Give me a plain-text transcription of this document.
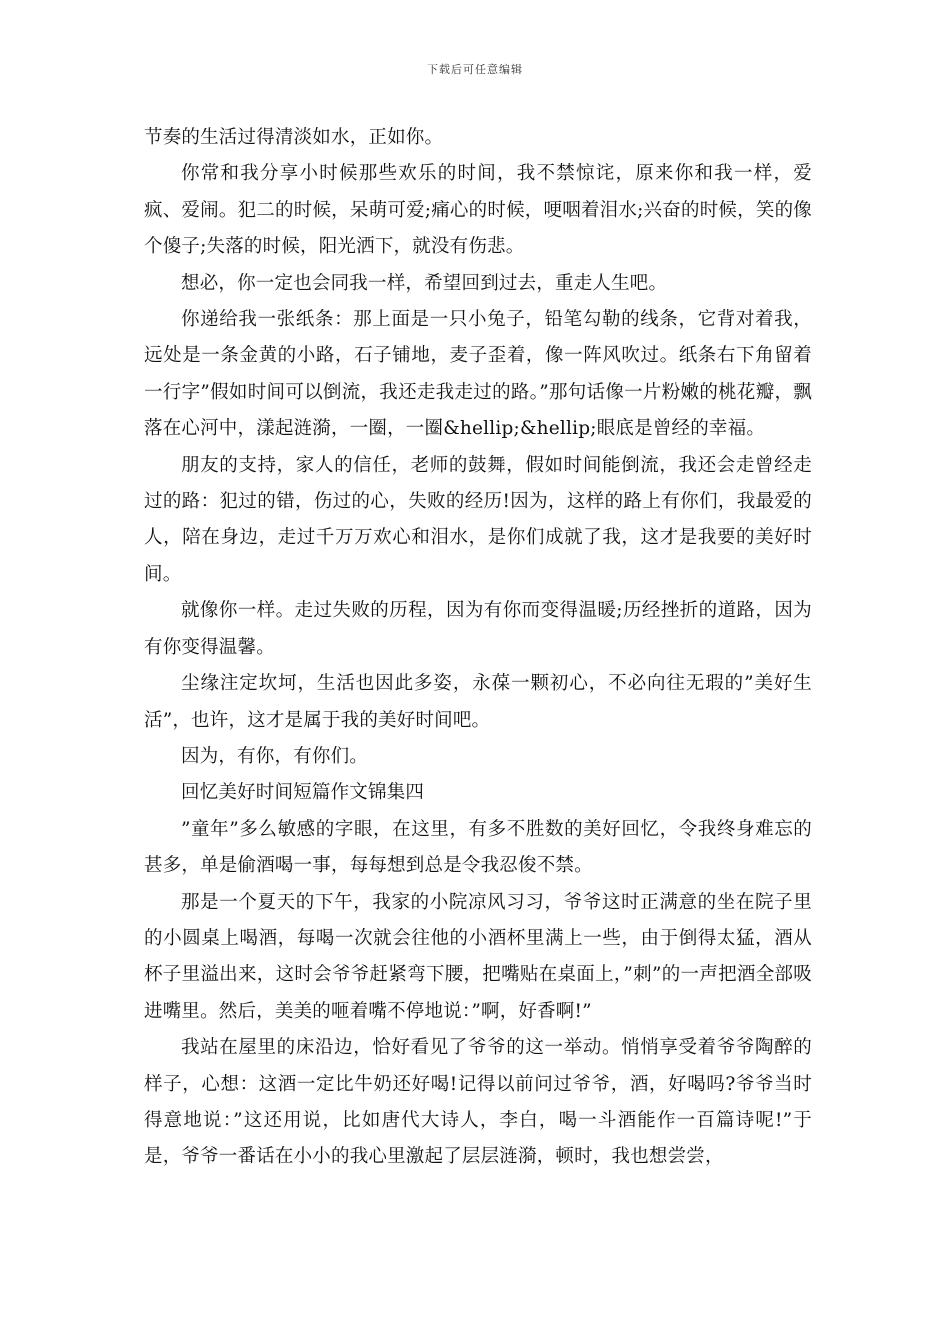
下载后可任意编辑

节奏的生活过得清淡如水，正如你。

你常和我分享小时候那些欢乐的时间，我不禁惊诧，原来你和我一样，爱疯、爱闹。犯二的时候，呆萌可爱;痛心的时候，哽咽着泪水;兴奋的时候，笑的像个傻子;失落的时候，阳光洒下，就没有伤悲。

想必，你一定也会同我一样，希望回到过去，重走人生吧。

你递给我一张纸条：那上面是一只小兔子，铅笔勾勒的线条，它背对着我，远处是一条金黄的小路，石子铺地，麦子歪着，像一阵风吹过。纸条右下角留着一行字”假如时间可以倒流，我还走我走过的路。”那句话像一片粉嫩的桃花瓣，飘落在心河中，漾起涟漪，一圈，一圈&hellip;&hellip;眼底是曾经的幸福。

朋友的支持，家人的信任，老师的鼓舞，假如时间能倒流，我还会走曾经走过的路：犯过的错，伤过的心，失败的经历!因为，这样的路上有你们，我最爱的人，陪在身边，走过千万万欢心和泪水，是你们成就了我，这才是我要的美好时间。

就像你一样。走过失败的历程，因为有你而变得温暖;历经挫折的道路，因为有你变得温馨。

尘缘注定坎坷，生活也因此多姿，永葆一颗初心，不必向往无瑕的”美好生活”，也许，这才是属于我的美好时间吧。

因为，有你，有你们。

回忆美好时间短篇作文锦集四

”童年”多么敏感的字眼，在这里，有多不胜数的美好回忆，令我终身难忘的甚多，单是偷酒喝一事，每每想到总是令我忍俊不禁。

那是一个夏天的下午，我家的小院凉风习习，爷爷这时正满意的坐在院子里的小圆桌上喝酒，每喝一次就会往他的小酒杯里满上一些，由于倒得太猛，酒从杯子里溢出来，这时会爷爷赶紧弯下腰，把嘴贴在桌面上，”刺”的一声把酒全部吸进嘴里。然后，美美的咂着嘴不停地说：”啊，好香啊!”

我站在屋里的床沿边，恰好看见了爷爷的这一举动。悄悄享受着爷爷陶醉的样子，心想：这酒一定比牛奶还好喝!记得以前问过爷爷，酒，好喝吗?爷爷当时得意地说：”这还用说，比如唐代大诗人，李白，喝一斗酒能作一百篇诗呢!”于是，爷爷一番话在小小的我心里激起了层层涟漪，顿时，我也想尝尝，
